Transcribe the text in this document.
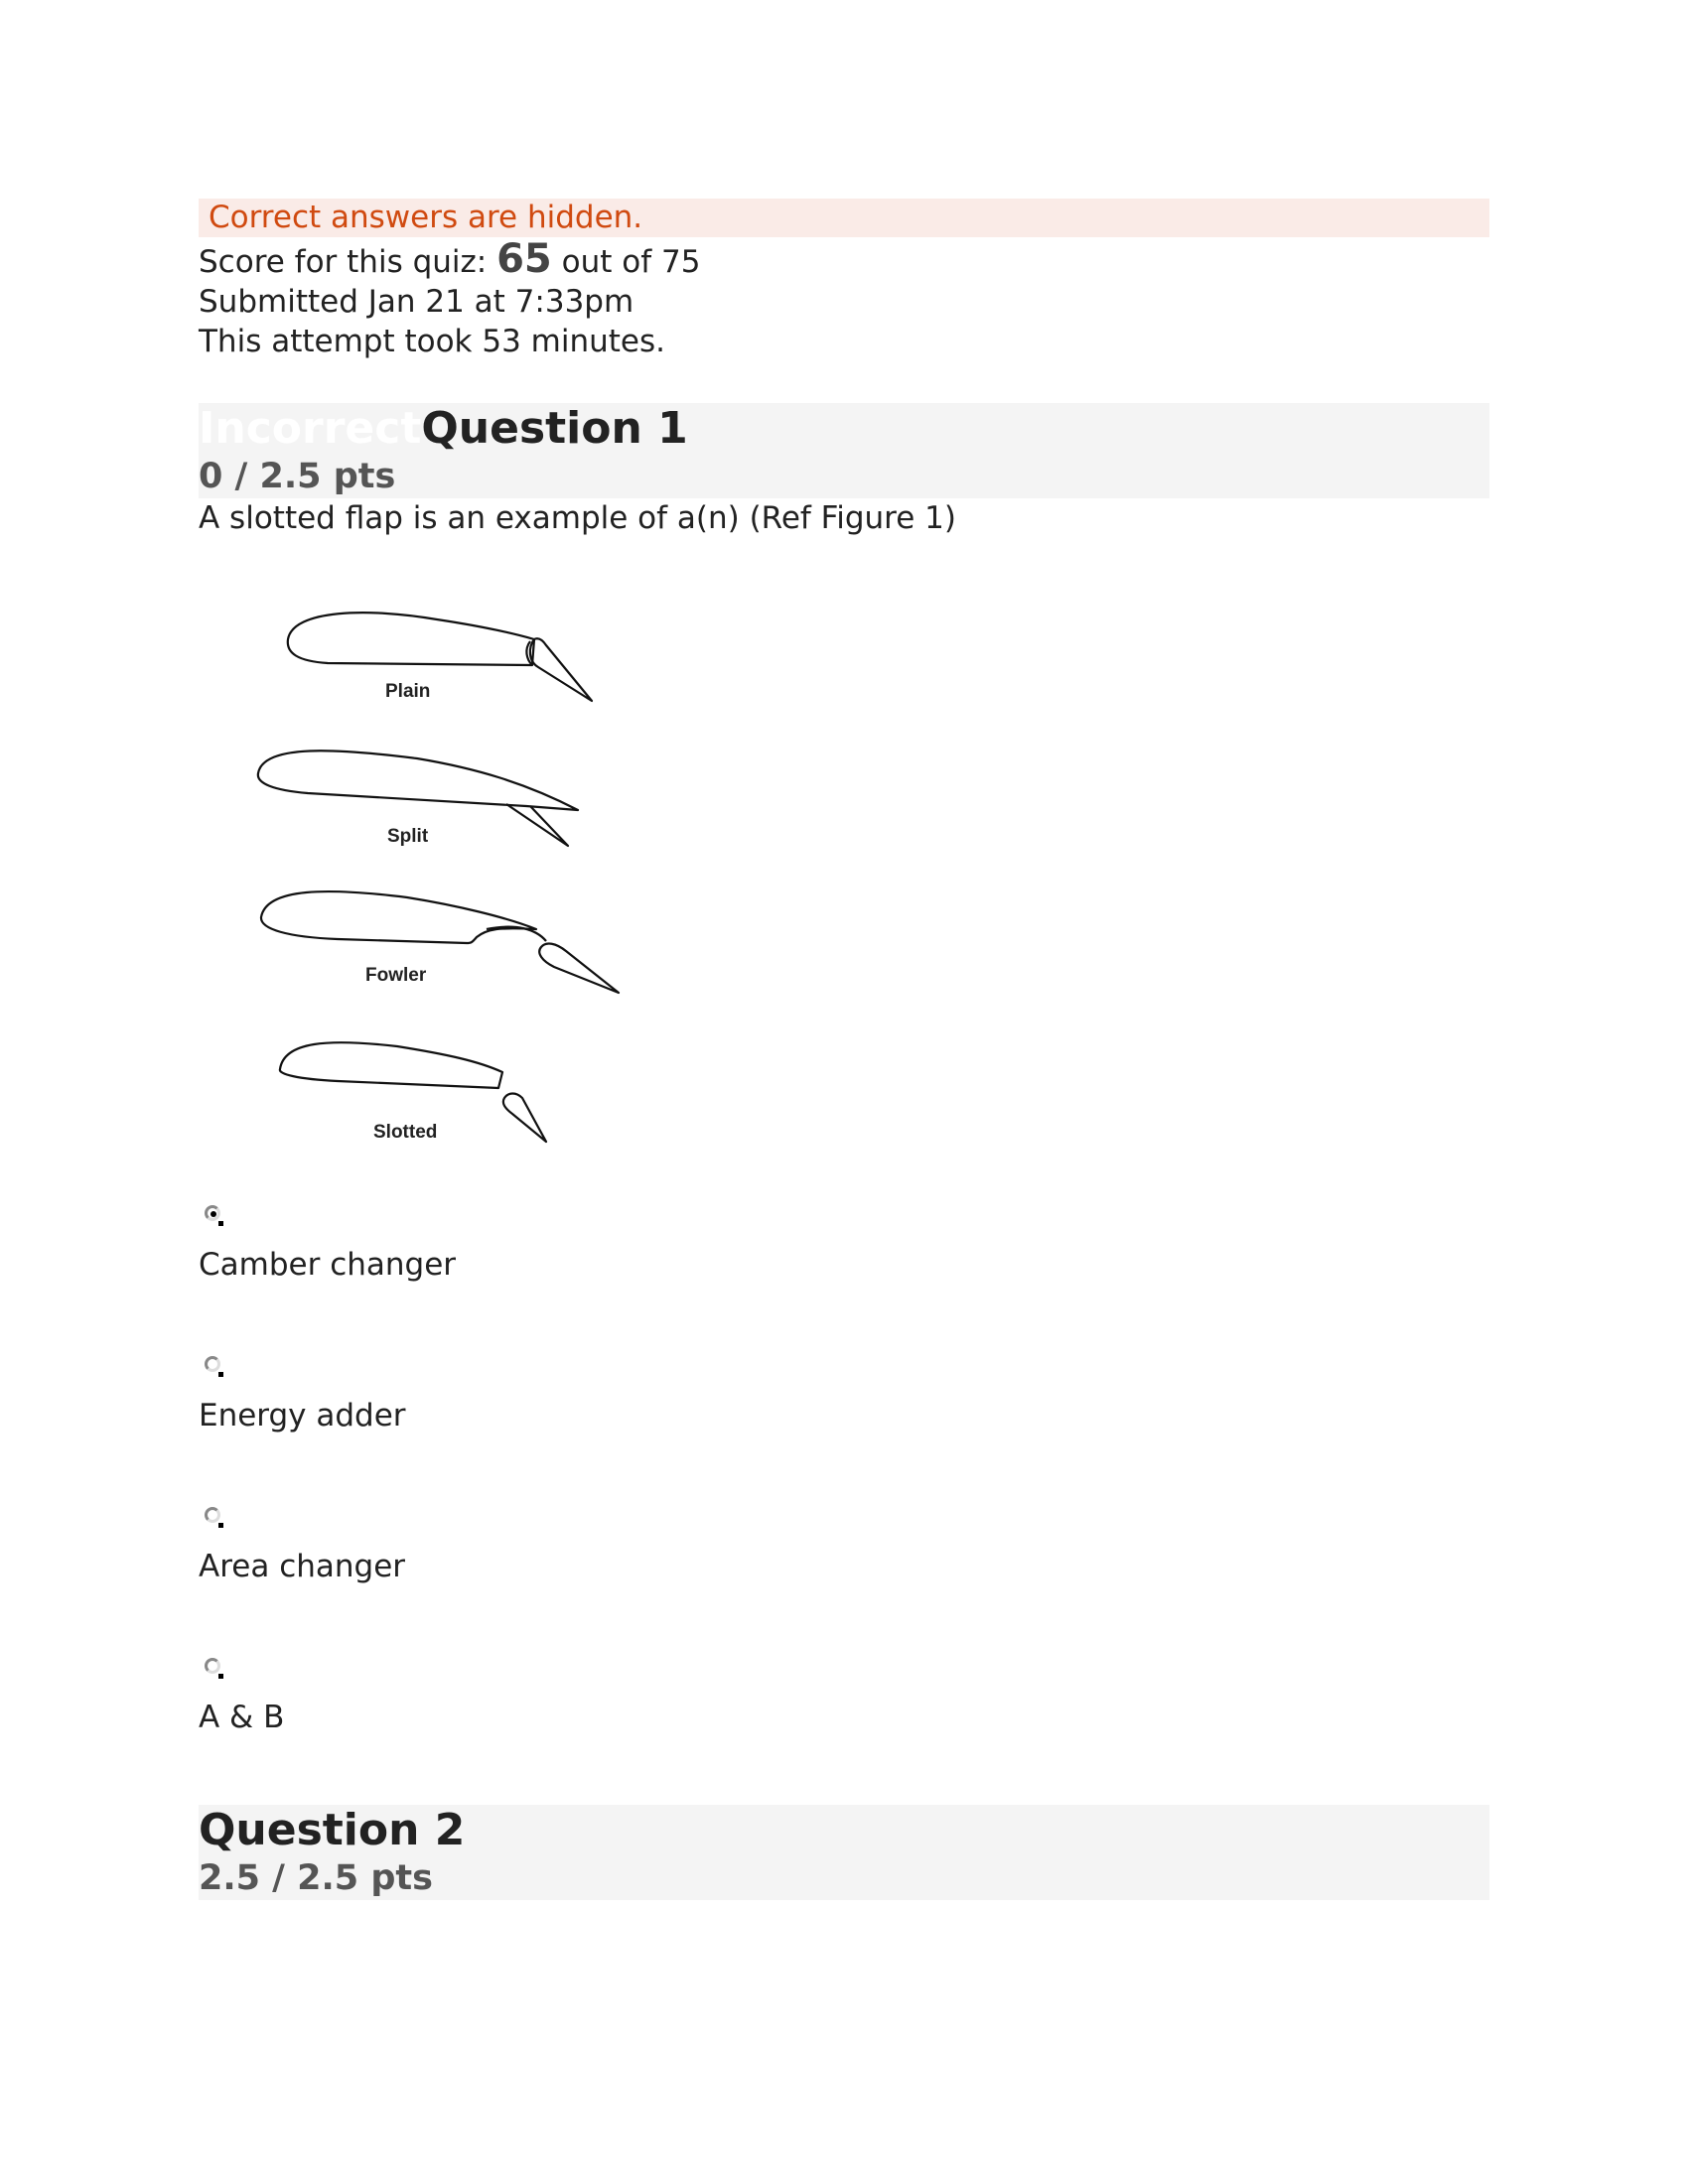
Correct answers are hidden.
Score for this quiz: 65 out of 75
Submitted Jan 21 at 7:33pm
This attempt took 53 minutes.
IncorrectQuestion 1
0 / 2.5 pts
A slotted flap is an example of a(n) (Ref Figure 1)
Plain
Split
Fowler
Slotted
Camber changer
Energy adder
Area changer
A & B
Question 2
2.5 / 2.5 pts
